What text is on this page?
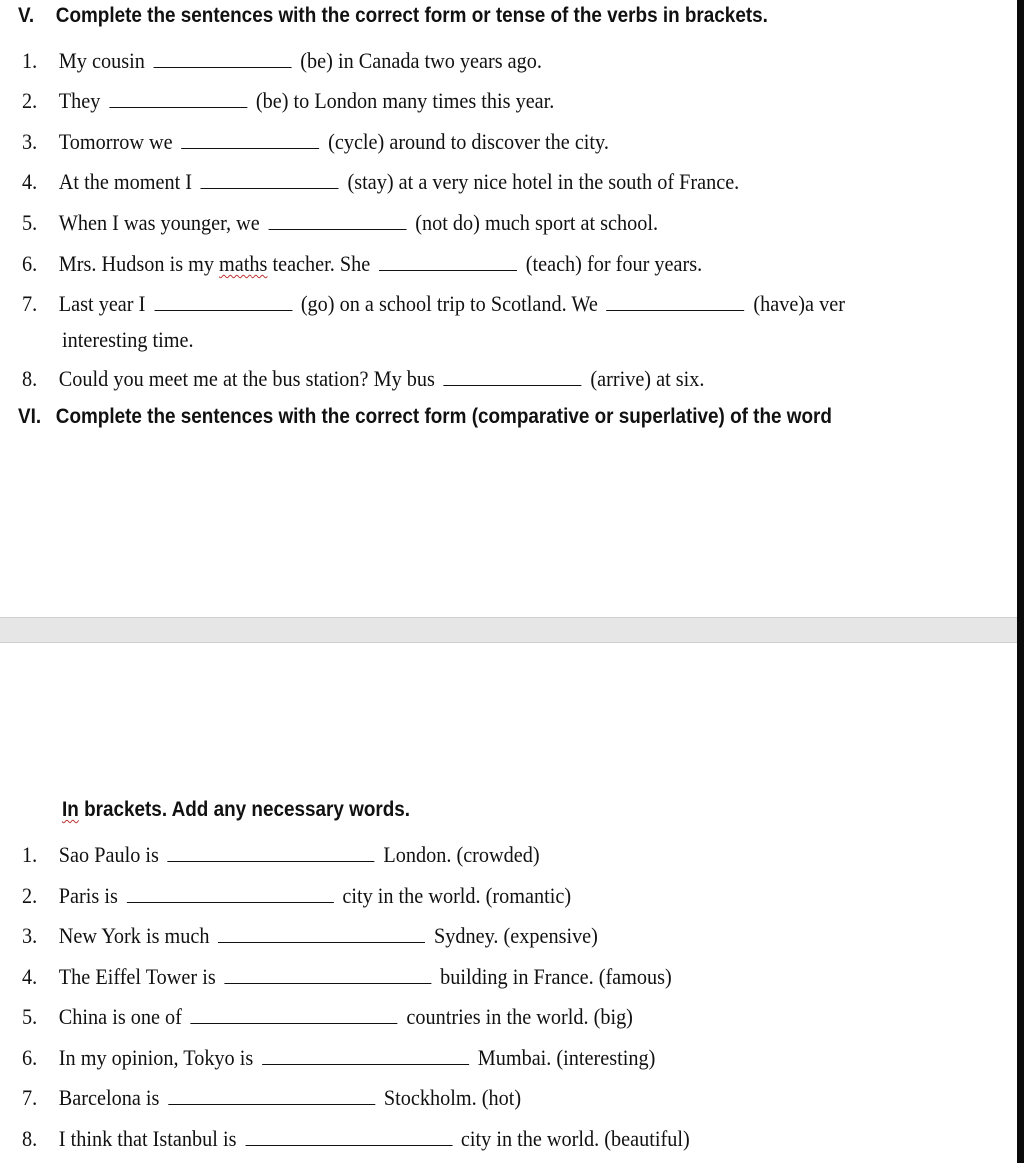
V. Complete the sentences with the correct form or tense of the verbs in brackets.
1. My cousin	(be) in Canada two years ago.
2. They	(be) to London many times this year.
3. Tomorrow we	(cycle) around to discover the city.
4. At the moment I	(stay) at a very nice hotel in the south of France.
5. When I was younger, we	(not do) much sport at school.
6. Mrs. Hudson is my maths teacher. She	(teach) for four years.
7. Last year I	(go) on a school trip to Scotland. We	(have)a ver
interesting time.
8. Could you meet me at the bus station? My bus	(arrive) at six.
VI. Complete the sentences with the correct form (comparative or superlative) of the word
In brackets. Add any necessary words.
1. Sao Paulo is	London. (crowded)
2. Paris is	city in the world. (romantic)
3. New York is much	Sydney. (expensive)
4. The Eiffel Tower is	building in France. (famous)
5. China is one of	countries in the world. (big)
6. In my opinion, Tokyo is	Mumbai. (interesting)
7. Barcelona is	Stockholm. (hot)
8. I think that Istanbul is	city in the world. (beautiful)
